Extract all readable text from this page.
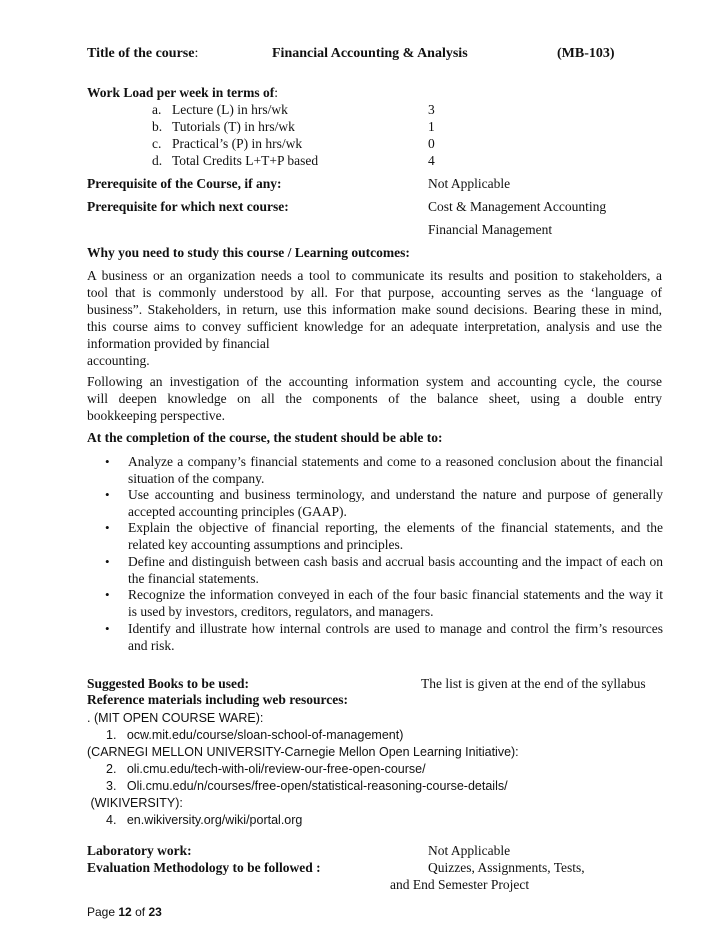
Title of the course:	Financial Accounting & Analysis	(MB-103)
Work Load per week in terms of:
a. Lecture (L) in hrs/wk	3
b. Tutorials (T) in hrs/wk	1
c. Practical’s (P) in hrs/wk	0
d. Total Credits L+T+P based	4
Prerequisite of the Course, if any:	Not Applicable
Prerequisite for which next course:	Cost & Management Accounting
Financial Management
Why you need to study this course / Learning outcomes:
A business or an organization needs a tool to communicate its results and position to stakeholders, a
tool that is commonly understood by all. For that purpose, accounting serves as the ‘language of
business”. Stakeholders, in return, use this information make sound decisions. Bearing these in mind,
this course aims to convey sufficient knowledge for an adequate interpretation, analysis and use the
information provided by financial
accounting.
Following an investigation of the accounting information system and accounting cycle, the course
will deepen knowledge on all the components of the balance sheet, using a double entry
bookkeeping perspective.
At the completion of the course, the student should be able to:
• Analyze a company’s financial statements and come to a reasoned conclusion about the financial situation of the company.
• Use accounting and business terminology, and understand the nature and purpose of generally accepted accounting principles (GAAP).
• Explain the objective of financial reporting, the elements of the financial statements, and the related key accounting assumptions and principles.
• Define and distinguish between cash basis and accrual basis accounting and the impact of each on the financial statements.
• Recognize the information conveyed in each of the four basic financial statements and the way it is used by investors, creditors, regulators, and managers.
• Identify and illustrate how internal controls are used to manage and control the firm’s resources and risk.
Suggested Books to be used:	The list is given at the end of the syllabus
Reference materials including web resources:
. (MIT OPEN COURSE WARE):
1.   ocw.mit.edu/course/sloan-school-of-management)
(CARNEGI MELLON UNIVERSITY-Carnegie Mellon Open Learning Initiative):
2.   oli.cmu.edu/tech-with-oli/review-our-free-open-course/
3.   Oli.cmu.edu/n/courses/free-open/statistical-reasoning-course-details/
(WIKIVERSITY):
4.   en.wikiversity.org/wiki/portal.org
Laboratory work:	Not Applicable
Evaluation Methodology to be followed :	Quizzes, Assignments, Tests,
and End Semester Project
Page 12 of 23
